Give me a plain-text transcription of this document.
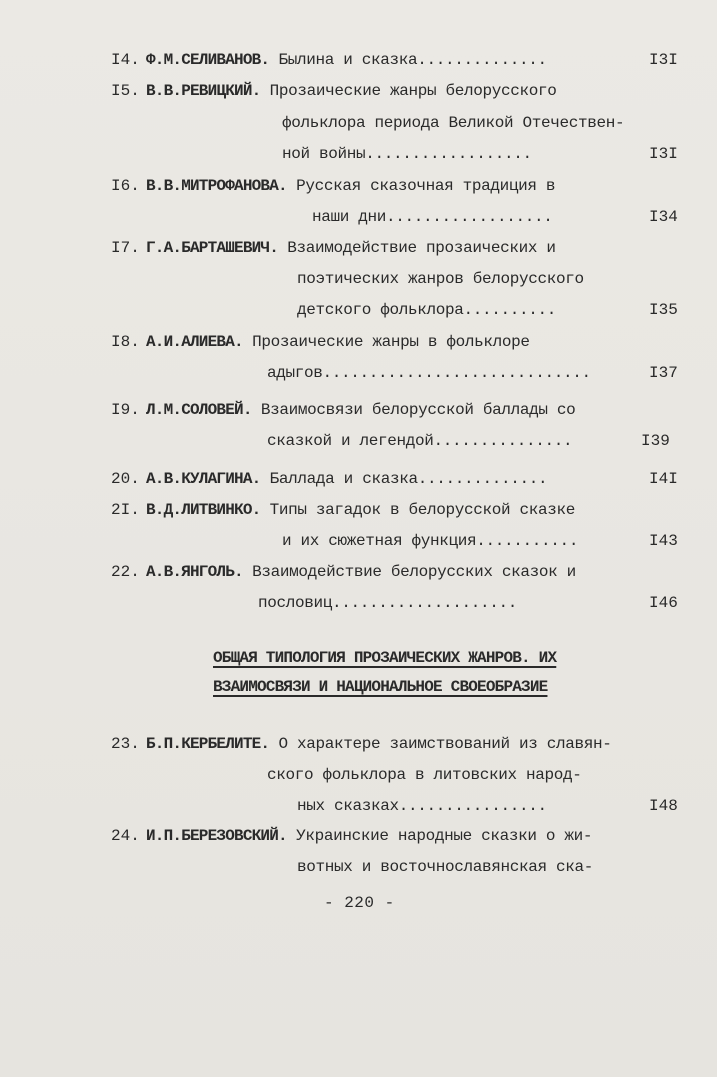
I4. Ф.М.СЕЛИВАНОВ. Былина и сказка..............	I3I
I5. В.В.РЕВИЦКИЙ. Прозаические жанры белорусского
фольклора периода Великой Отечествен-
ной войны..................	I3I
I6. В.В.МИТРОФАНОВА. Русская сказочная традиция в
наши дни..................	I34
I7. Г.А.БАРТАШЕВИЧ. Взаимодействие прозаических и
поэтических жанров белорусского
детского фольклора..........	I35
I8. А.И.АЛИЕВА. Прозаические жанры в фольклоре
адыгов.............................	I37
I9. Л.М.СОЛОВЕЙ. Взаимосвязи белорусской баллады со
сказкой и легендой...............	I39
20. А.В.КУЛАГИНА. Баллада и сказка..............	I4I
2I. В.Д.ЛИТВИНКО. Типы загадок в белорусской сказке
и их сюжетная функция...........	I43
22. А.В.ЯНГОЛЬ. Взаимодействие белорусских сказок и
пословиц....................	I46
ОБЩАЯ ТИПОЛОГИЯ ПРОЗАИЧЕСКИХ ЖАНРОВ. ИХ
ВЗАИМОСВЯЗИ И НАЦИОНАЛЬНОЕ СВОЕОБРАЗИЕ
23. Б.П.КЕРБЕЛИТЕ. О характере заимствований из славян-
ского фольклора в литовских народ-
ных сказках................	I48
24. И.П.БЕРЕЗОВСКИЙ. Украинские народные сказки о жи-
вотных и восточнославянская ска-
- 220 -
